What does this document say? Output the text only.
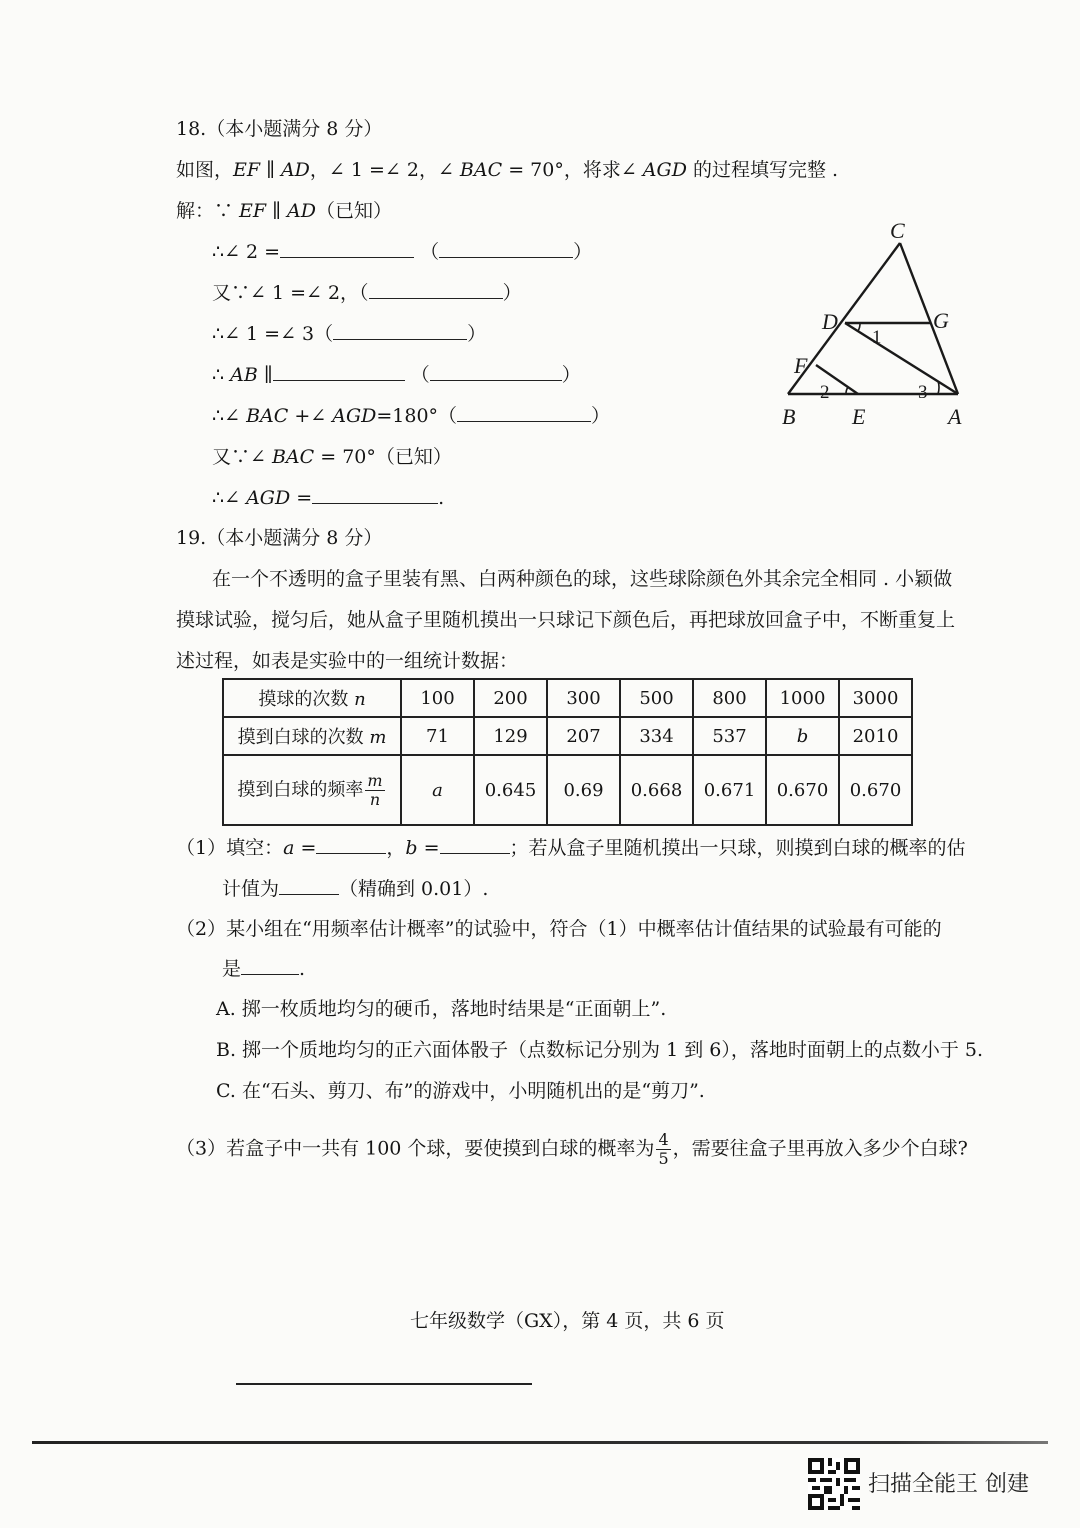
18.（本小题满分 8 分）
如图，EF ∥ AD，∠ 1 =∠ 2，∠ BAC = 70°，将求∠ AGD 的过程填写完整 .
解：∵ EF ∥ AD（已知）
∴∠ 2 =	（	）
又∵∠ 1 =∠ 2，（	）
∴∠ 1 =∠ 3（	）
∴ AB ∥	（	）
∴∠ BAC +∠ AGD=180°（	）
又∵∠ BAC = 70°（已知）
∴∠ AGD =	.
C
D	G
F
B	E	A
1
2	3
19.（本小题满分 8 分）
在一个不透明的盒子里装有黑、白两种颜色的球，这些球除颜色外其余完全相同 . 小颖做
摸球试验，搅匀后，她从盒子里随机摸出一只球记下颜色后，再把球放回盒子中，不断重复上
述过程，如表是实验中的一组统计数据：
摸球的次数 n	100	200	300	500	800	1000	3000
摸到白球的次数 m	71	129	207	334	537	b	2010
摸到白球的频率 $\frac{m}{n}$	a	0.645	0.69	0.668	0.671	0.670	0.670
（1）填空：a =	，b =	；若从盒子里随机摸出一只球，则摸到白球的概率的估
计值为	（精确到 0.01）.
（2）某小组在“用频率估计概率”的试验中，符合（1）中概率估计值结果的试验最有可能的
是	.
A. 掷一枚质地均匀的硬币，落地时结果是“正面朝上”.
B. 掷一个质地均匀的正六面体骰子（点数标记分别为 1 到 6），落地时面朝上的点数小于 5.
C. 在“石头、剪刀、布”的游戏中，小明随机出的是“剪刀”.
（3）若盒子中一共有 100 个球，要使摸到白球的概率为 $\frac{4}{5}$ ，需要往盒子里再放入多少个白球?
七年级数学（GX），第 4 页，共 6 页
扫描全能王 创建
